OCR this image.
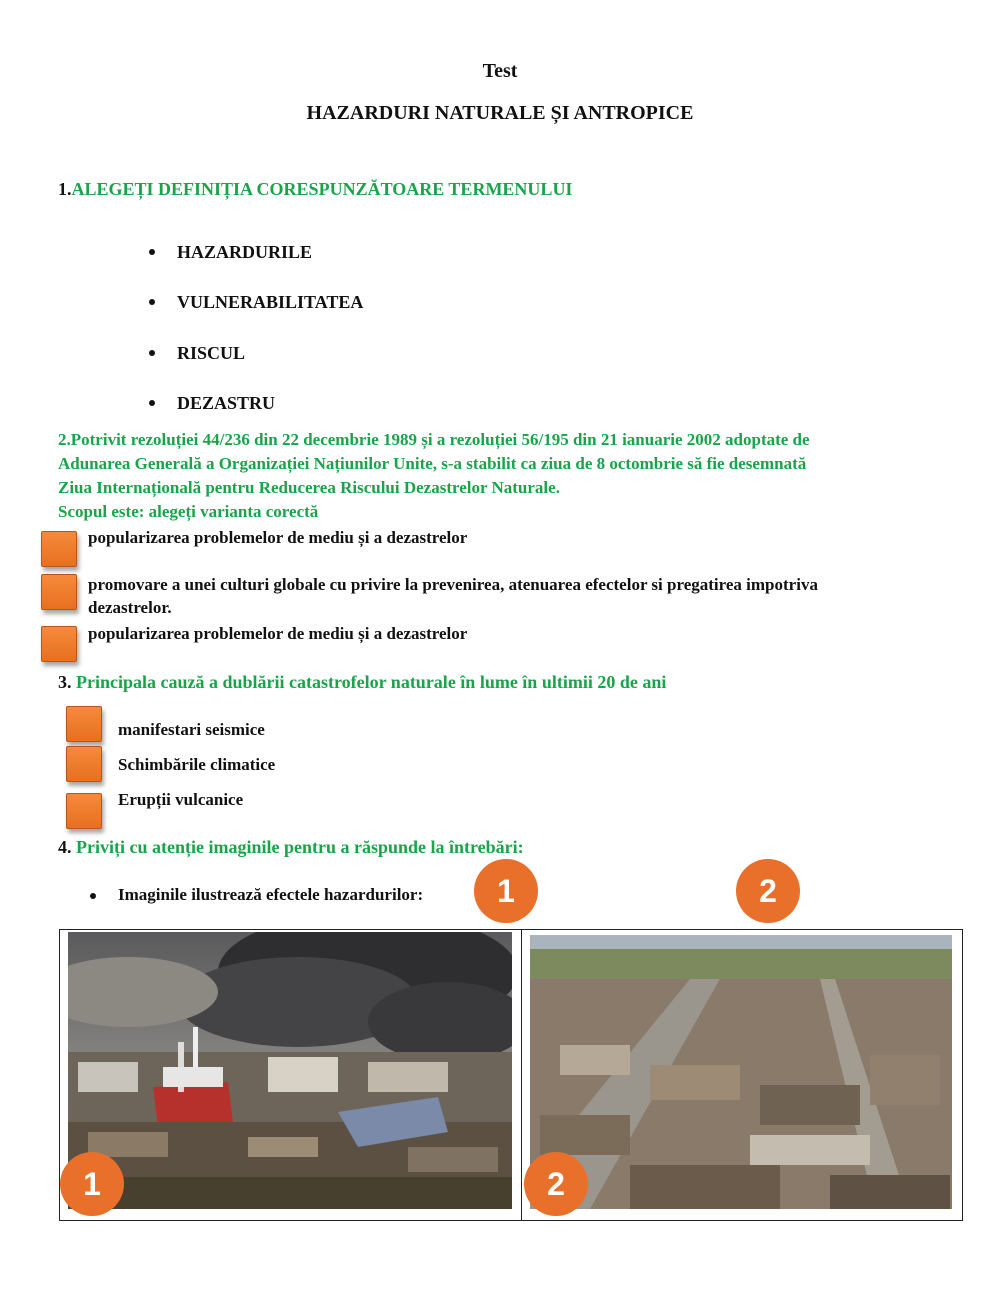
Test
HAZARDURI NATURALE ȘI ANTROPICE
1.ALEGEȚI DEFINIȚIA CORESPUNZĂTOARE TERMENULUI
HAZARDURILE
VULNERABILITATEA
RISCUL
DEZASTRU
2.Potrivit rezoluției 44/236 din 22 decembrie 1989 și a rezoluției 56/195 din 21 ianuarie 2002 adoptate de
Adunarea Generală a Organizației Națiunilor Unite, s-a stabilit ca ziua de 8 octombrie să fie desemnată
Ziua Internațională pentru Reducerea Riscului Dezastrelor Naturale.
Scopul este: alegeți varianta corectă
popularizarea problemelor de mediu și a dezastrelor
promovare a unei culturi globale cu privire la prevenirea, atenuarea efectelor si pregatirea impotriva
dezastrelor.
popularizarea problemelor de mediu și a dezastrelor
3. Principala cauză a dublării catastrofelor naturale în lume în ultimii 20 de ani
manifestari seismice
Schimbările climatice
Erupții vulcanice
4. Priviți cu atenție imaginile pentru a răspunde la întrebări:
Imaginile ilustrează efectele hazardurilor:	1	2
1	2
